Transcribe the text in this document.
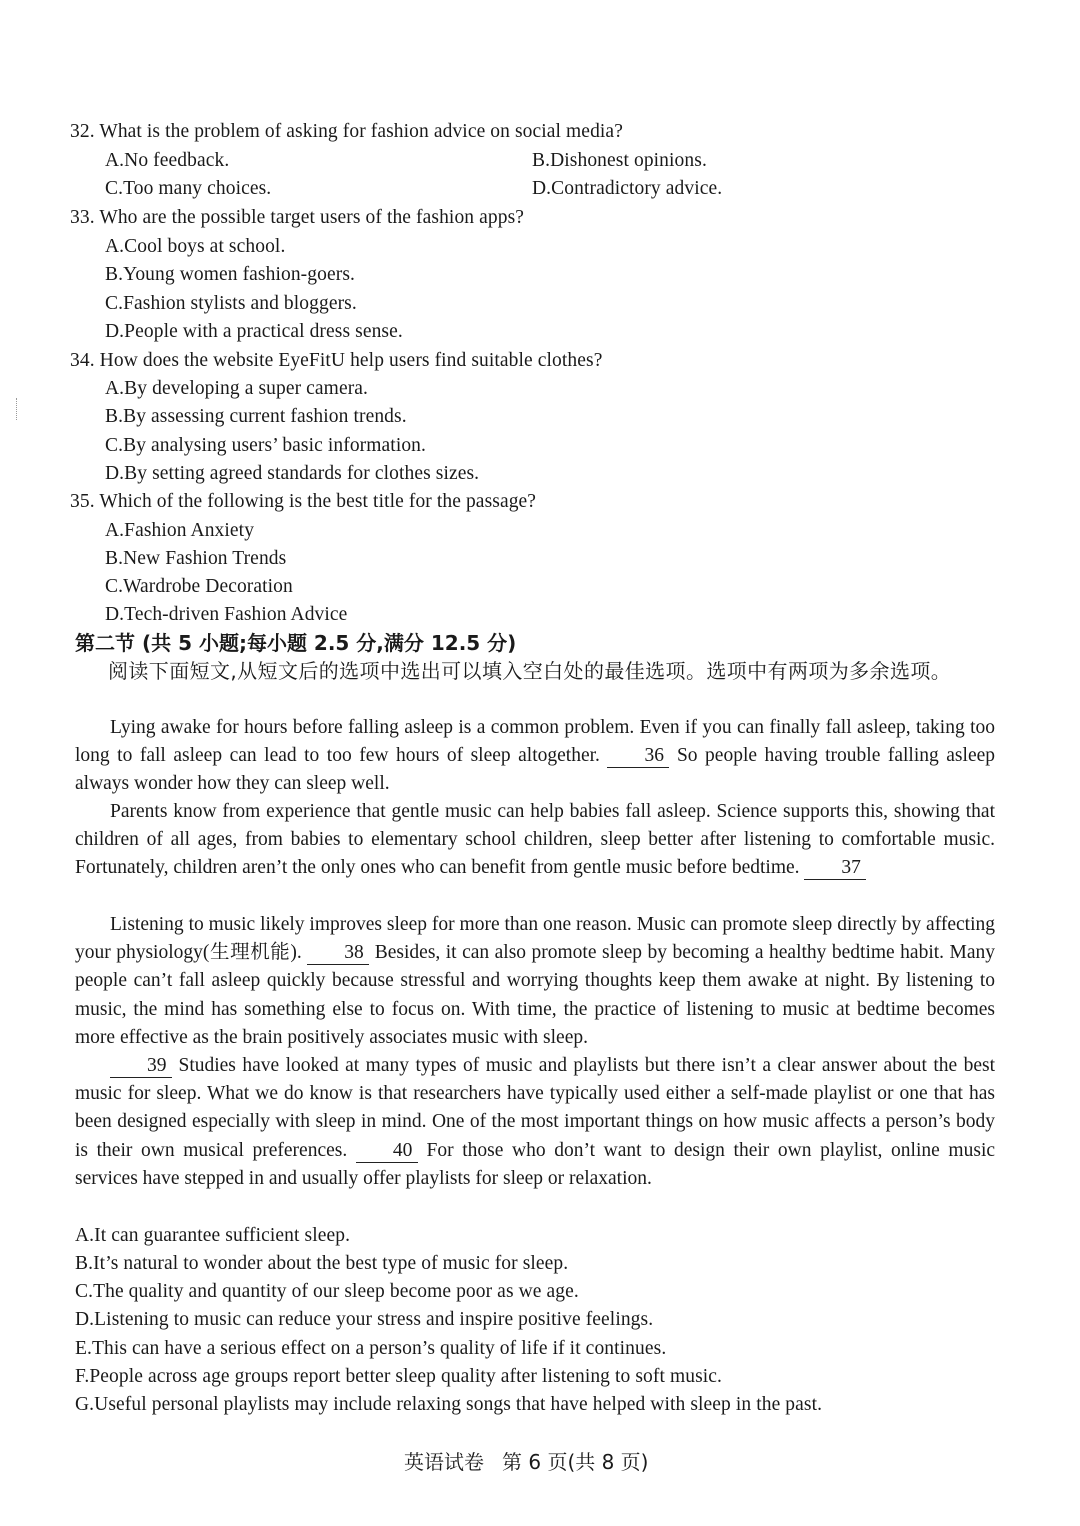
32. What is the problem of asking for fashion advice on social media?
A.No feedback.	B.Dishonest opinions.
C.Too many choices.	D.Contradictory advice.
33. Who are the possible target users of the fashion apps?
A.Cool boys at school.
B.Young women fashion-goers.
C.Fashion stylists and bloggers.
D.People with a practical dress sense.
34. How does the website EyeFitU help users find suitable clothes?
A.By developing a super camera.
B.By assessing current fashion trends.
C.By analysing users’ basic information.
D.By setting agreed standards for clothes sizes.
35. Which of the following is the best title for the passage?
A.Fashion Anxiety
B.New Fashion Trends
C.Wardrobe Decoration
D.Tech-driven Fashion Advice
第二节 (共 5 小题;每小题 2.5 分,满分 12.5 分)
阅读下面短文,从短文后的选项中选出可以填入空白处的最佳选项。选项中有两项为多余选项。
Lying awake for hours before falling asleep is a common problem. Even if you can finally fall asleep, taking too long to fall asleep can lead to too few hours of sleep altogether. 36 So people having trouble falling asleep always wonder how they can sleep well.
Parents know from experience that gentle music can help babies fall asleep. Science supports this, showing that children of all ages, from babies to elementary school children, sleep better after listening to comfortable music. Fortunately, children aren’t the only ones who can benefit from gentle music before bedtime. 37
Listening to music likely improves sleep for more than one reason. Music can promote sleep directly by affecting your physiology(生理机能). 38 Besides, it can also promote sleep by becoming a healthy bedtime habit. Many people can’t fall asleep quickly because stressful and worrying thoughts keep them awake at night. By listening to music, the mind has something else to focus on. With time, the practice of listening to music at bedtime becomes more effective as the brain positively associates music with sleep.
39 Studies have looked at many types of music and playlists but there isn’t a clear answer about the best music for sleep. What we do know is that researchers have typically used either a self-made playlist or one that has been designed especially with sleep in mind. One of the most important things on how music affects a person’s body is their own musical preferences. 40 For those who don’t want to design their own playlist, online music services have stepped in and usually offer playlists for sleep or relaxation.
A.It can guarantee sufficient sleep.
B.It’s natural to wonder about the best type of music for sleep.
C.The quality and quantity of our sleep become poor as we age.
D.Listening to music can reduce your stress and inspire positive feelings.
E.This can have a serious effect on a person’s quality of life if it continues.
F.People across age groups report better sleep quality after listening to soft music.
G.Useful personal playlists may include relaxing songs that have helped with sleep in the past.
英语试卷 第 6 页(共 8 页)
